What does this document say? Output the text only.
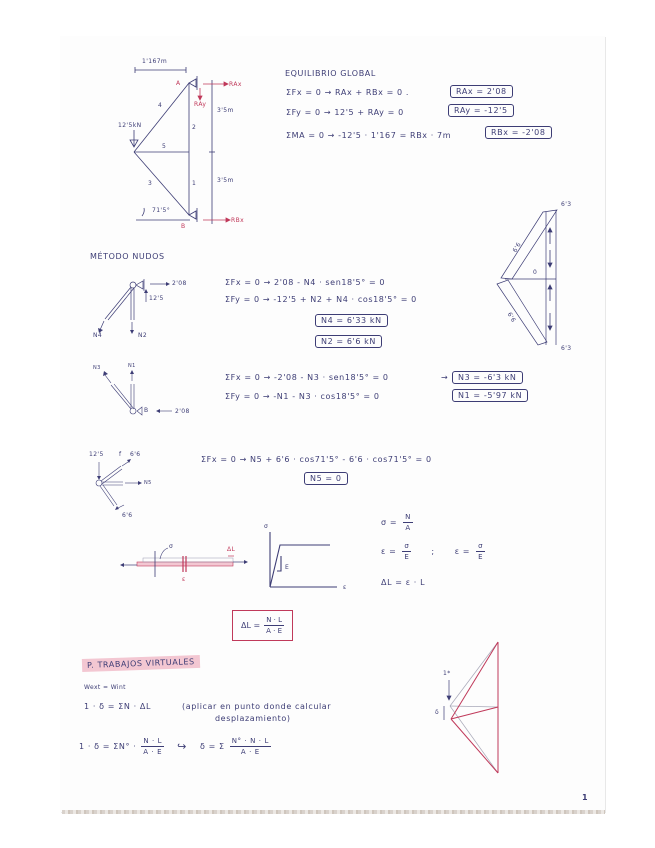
1'167m
A
B
12'5kN
RAx
RAy
RBx
71'5°
3'5m
3'5m
4
2
5
3	1
EQUILIBRIO GLOBAL
ΣFx = 0 → RAx + RBx = 0 .	RAx = 2'08
ΣFy = 0 → 12'5 + RAy = 0	RAy = -12'5
ΣMA = 0 → -12'5 · 1'167 = RBx · 7m	RBx = -2'08
6'3
6'3
6'6
6'6
0
MÉTODO NUDOS
2'08
12'5
N4	N2
ΣFx = 0 → 2'08 - N4 · sen18'5° = 0
ΣFy = 0 → -12'5 + N2 + N4 · cos18'5° = 0
N4 = 6'33 kN
N2 = 6'6 kN
N3	N1
B	2'08
ΣFx = 0 → -2'08 - N3 · sen18'5° = 0
ΣFy = 0 → -N1 - N3 · cos18'5° = 0
→	N3 = -6'3 kN
N1 = -5'97 kN
12'5	6'6
f
N5
6'6
ΣFx = 0 → N5 + 6'6 · cos71'5° - 6'6 · cos71'5° = 0
N5 = 0
σ
ε
ΔL
σ
ε
E
$\sigma = \frac{N}{A}$
$\varepsilon = \frac{\sigma}{E}$	;	$\varepsilon = \frac{\sigma}{E}$
ΔL = ε · L
$\Delta L = \frac{N \cdot L}{A \cdot E}$
P. TRABAJOS VIRTUALES
Wext = Wint
1 · δ = ΣN · ΔL	(aplicar en punto donde calcular
desplazamiento)
$1 \cdot \delta = \Sigma N^\circ \cdot \frac{N \cdot L}{A \cdot E}$ ↪ δ = Σ $\frac{N^\circ \cdot N \cdot L}{A \cdot E}$
1*
δ
1
